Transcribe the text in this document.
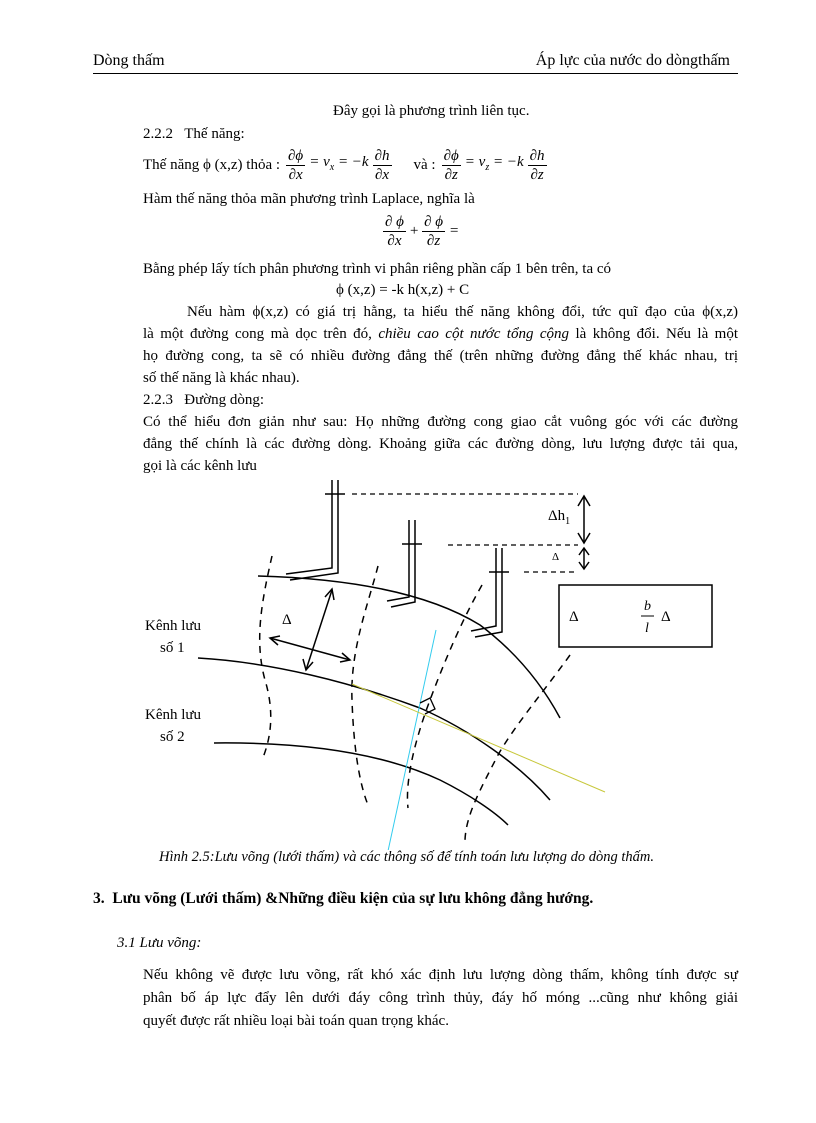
Dòng thấm	Áp lực của nước do dòngthấm
Đây gọi là phương trình liên tục.
2.2.2 Thế năng:
Thế năng ϕ (x,z) thỏa : $\frac{\partial\phi}{\partial x} = v_x = -k \frac{\partial h}{\partial x}$ và : $\frac{\partial\phi}{\partial z} = v_z = -k \frac{\partial h}{\partial z}$
Hàm thế năng thỏa mãn phương trình Laplace, nghĩa là
$\frac{\partial \phi}{\partial x} + \frac{\partial \phi}{\partial z}$ =
Bằng phép lấy tích phân phương trình vi phân riêng phần cấp 1 bên trên, ta có
ϕ (x,z) = -k h(x,z) + C
Nếu hàm ϕ(x,z) có giá trị hằng, ta hiểu thế năng không đổi, tức quĩ đạo của ϕ(x,z)
là một đường cong mà dọc trên đó, chiều cao cột nước tổng cộng là không đổi. Nếu là một
họ đường cong, ta sẽ có nhiều đường đẳng thế (trên những đường đẳng thế khác nhau, trị
số thế năng là khác nhau).
2.2.3 Đường dòng:
Có thể hiểu đơn giản như sau: Họ những đường cong giao cắt vuông góc với các đường
đẳng thế chính là các đường dòng. Khoảng giữa các đường dòng, lưu lượng được tải qua,
gọi là các kênh lưu
Kênh lưu
số 1
Kênh lưu
số 2
Δ
$\Delta h_1$
Δ
Δ
b
l
Δ
Hình 2.5:Lưu võng (lưới thấm) và các thông số để tính toán lưu lượng do dòng thấm.
3. Lưu võng (Lưới thấm) &Những điều kiện của sự lưu không đẳng hướng.
3.1 Lưu võng:
Nếu không vẽ được lưu võng, rất khó xác định lưu lượng dòng thấm, không tính được sự
phân bố áp lực đẩy lên dưới đáy công trình thủy, đáy hố móng ...cũng như không giải
quyết được rất nhiều loại bài toán quan trọng khác.
